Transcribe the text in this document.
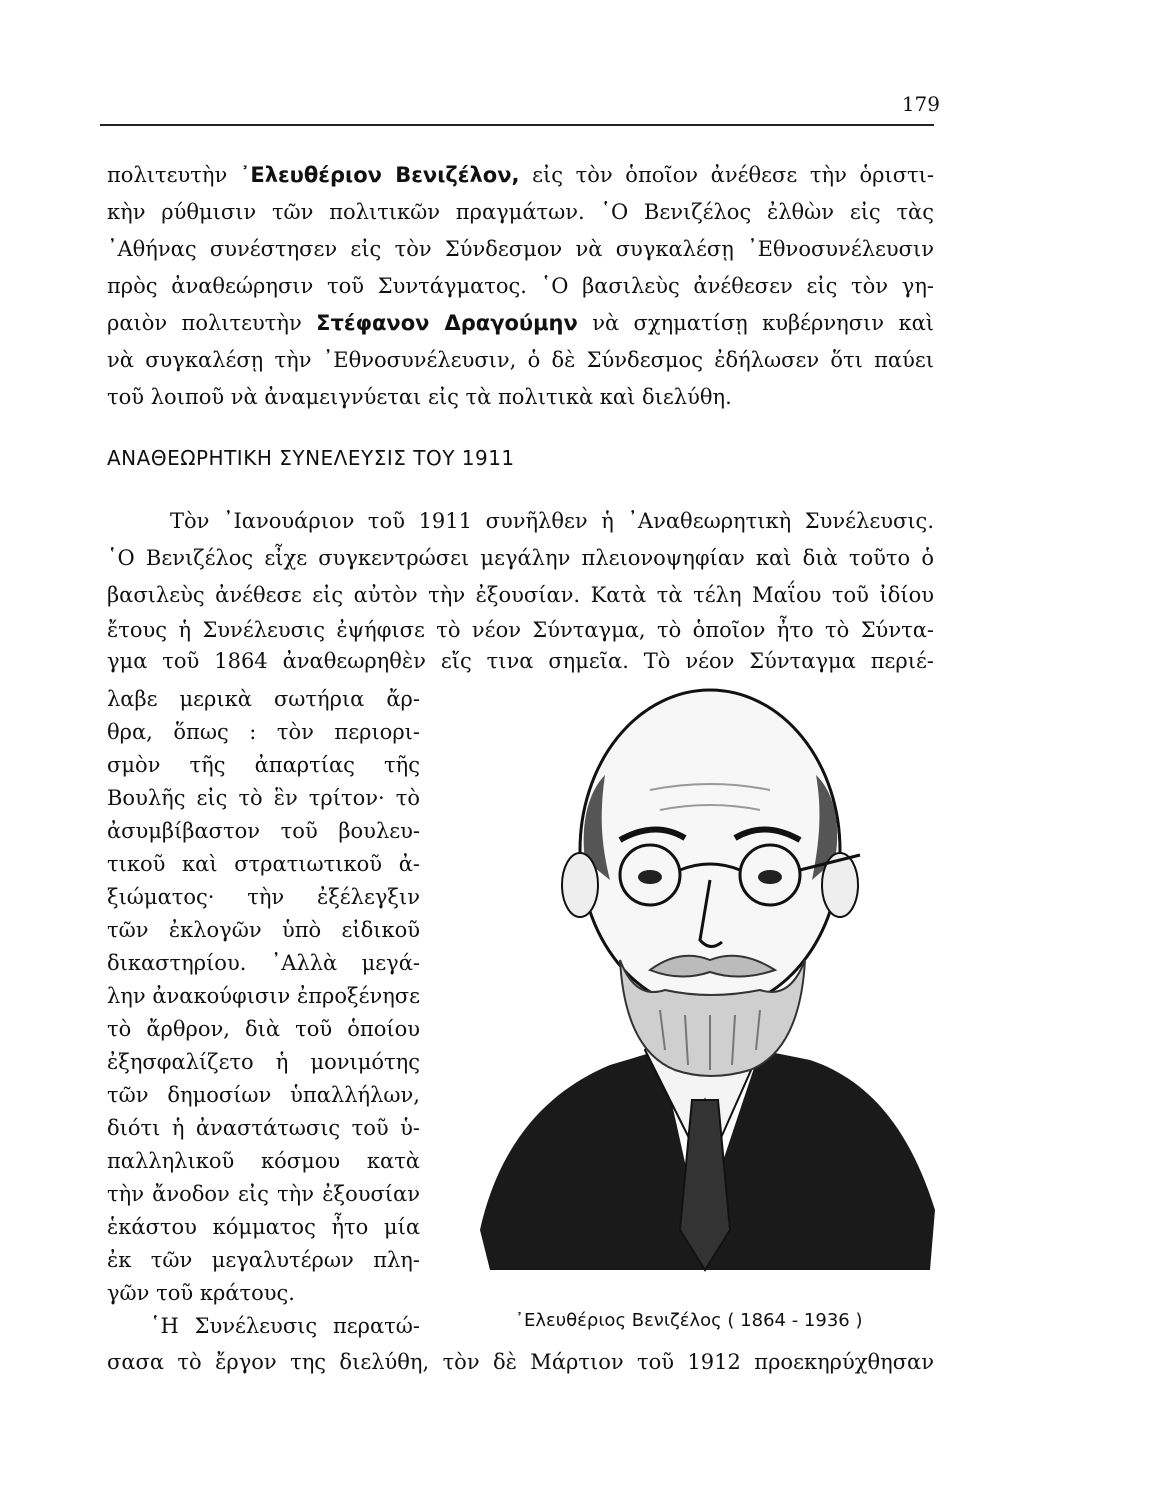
179
πολιτευτὴν ᾿Ελευθέριον Βενιζέλον, εἰς τὸν ὁποῖον ἀνέθεσε τὴν ὁριστι-
κὴν ρύθμισιν τῶν πολιτικῶν πραγμάτων. ῾Ο Βενιζέλος ἐλθὼν εἰς τὰς
᾿Αθήνας συνέστησεν εἰς τὸν Σύνδεσμον νὰ συγκαλέσῃ ᾿Εθνοσυνέλευσιν
πρὸς ἀναθεώρησιν τοῦ Συντάγματος. ῾Ο βασιλεὺς ἀνέθεσεν εἰς τὸν γη-
ραιὸν πολιτευτὴν Στέφανον Δραγούμην νὰ σχηματίσῃ κυβέρνησιν καὶ
νὰ συγκαλέσῃ τὴν ᾿Εθνοσυνέλευσιν, ὁ δὲ Σύνδεσμος ἐδήλωσεν ὅτι παύει
τοῦ λοιποῦ νὰ ἀναμειγνύεται εἰς τὰ πολιτικὰ καὶ διελύθη.
ΑΝΑΘΕΩΡΗΤΙΚΗ ΣΥΝΕΛΕΥΣΙΣ ΤΟΥ 1911
Τὸν ᾿Ιανουάριον τοῦ 1911 συνῆλθεν ἡ ᾿Αναθεωρητικὴ Συνέλευσις.
῾Ο Βενιζέλος εἶχε συγκεντρώσει μεγάλην πλειονοψηφίαν καὶ διὰ τοῦτο ὁ
βασιλεὺς ἀνέθεσε εἰς αὐτὸν τὴν ἐξουσίαν. Κατὰ τὰ τέλη Μαΐου τοῦ ἰδίου
ἔτους ἡ Συνέλευσις ἐψήφισε τὸ νέον Σύνταγμα, τὸ ὁποῖον ἦτο τὸ Σύντα-
γμα τοῦ 1864 ἀναθεωρηθὲν εἴς τινα σημεῖα. Τὸ νέον Σύνταγμα περιέ-
λαβε μερικὰ σωτήρια ἄρ-
θρα, ὅπως : τὸν περιορι-
σμὸν τῆς ἀπαρτίας τῆς
Βουλῆς εἰς τὸ ἓν τρίτον· τὸ
ἀσυμβίβαστον τοῦ βουλευ-
τικοῦ καὶ στρατιωτικοῦ ἀ-
ξιώματος· τὴν ἐξέλεγξιν
τῶν ἐκλογῶν ὑπὸ εἰδικοῦ
δικαστηρίου. ᾿Αλλὰ μεγά-
λην ἀνακούφισιν ἐπροξένησε
τὸ ἄρθρον, διὰ τοῦ ὁποίου
ἐξησφαλίζετο ἡ μονιμότης
τῶν δημοσίων ὑπαλλήλων,
διότι ἡ ἀναστάτωσις τοῦ ὑ-
παλληλικοῦ κόσμου κατὰ
τὴν ἄνοδον εἰς τὴν ἐξουσίαν
ἑκάστου κόμματος ἦτο μία
ἐκ τῶν μεγαλυτέρων πλη-
γῶν τοῦ κράτους.
῾Η Συνέλευσις περατώ-
σασα τὸ ἔργον της διελύθη, τὸν δὲ Μάρτιον τοῦ 1912 προεκηρύχθησαν
᾿Ελευθέριος Βενιζέλος ( 1864 - 1936 )
